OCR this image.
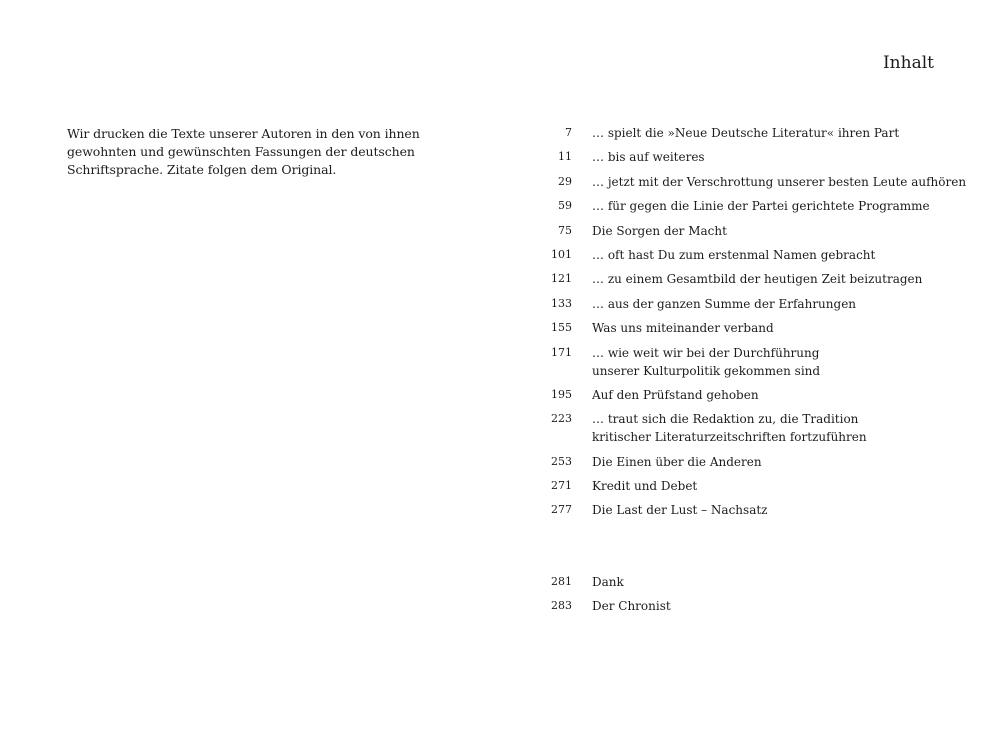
Wir drucken die Texte unserer Autoren in den von ihnen gewohnten und gewünschten Fassungen der deutschen Schriftsprache. Zitate folgen dem Original.

Inhalt
7	… spielt die »Neue Deutsche Literatur« ihren Part
11	… bis auf weiteres
29	… jetzt mit der Verschrottung unserer besten Leute aufhören
59	… für gegen die Linie der Partei gerichtete Programme
75	Die Sorgen der Macht
101	… oft hast Du zum erstenmal Namen gebracht
121	… zu einem Gesamtbild der heutigen Zeit beizutragen
133	… aus der ganzen Summe der Erfahrungen
155	Was uns miteinander verband
171	… wie weit wir bei der Durchführung
unserer Kulturpolitik gekommen sind
195	Auf den Prüfstand gehoben
223	… traut sich die Redaktion zu, die Tradition
kritischer Literaturzeitschriften fortzuführen
253	Die Einen über die Anderen
271	Kredit und Debet
277	Die Last der Lust – Nachsatz
281	Dank
283	Der Chronist
